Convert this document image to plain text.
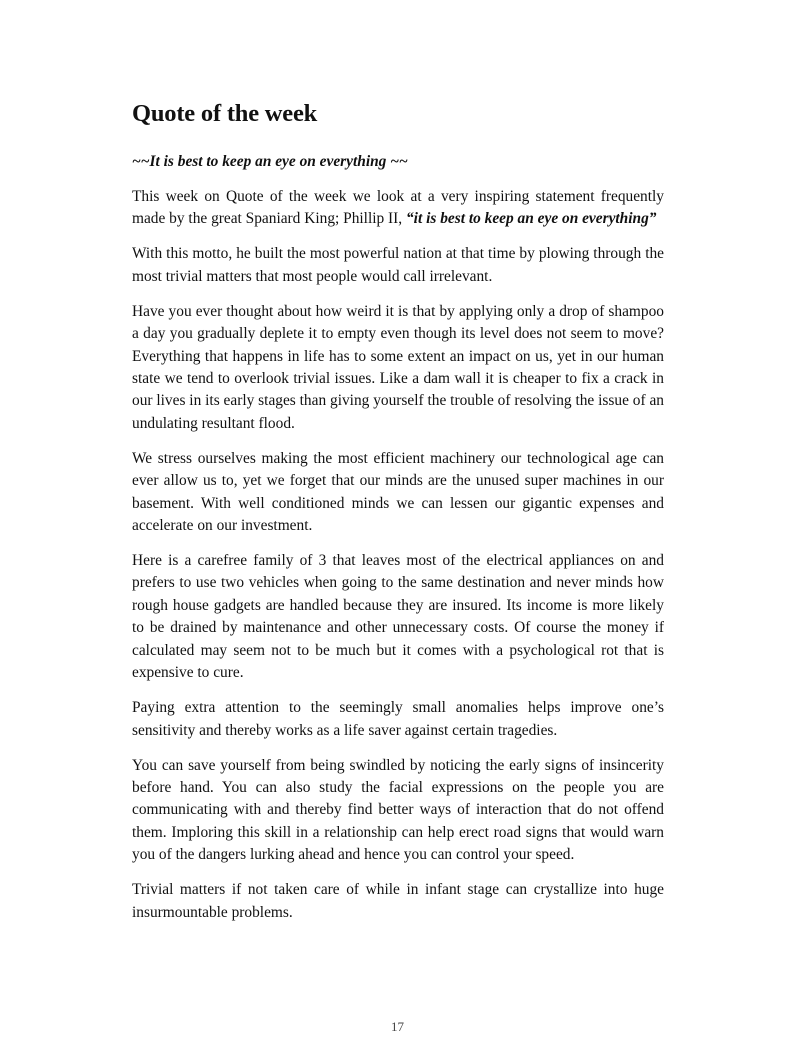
Quote of the week
~~It is best to keep an eye on everything ~~

This week on Quote of the week we look at a very inspiring statement frequently made by the great Spaniard King; Phillip II, “it is best to keep an eye on everything”

With this motto, he built the most powerful nation at that time by plowing through the most trivial matters that most people would call irrelevant.

Have you ever thought about how weird it is that by applying only a drop of shampoo a day you gradually deplete it to empty even though its level does not seem to move? Everything that happens in life has to some extent an impact on us, yet in our human state we tend to overlook trivial issues. Like a dam wall it is cheaper to fix a crack in our lives in its early stages than giving yourself the trouble of resolving the issue of an undulating resultant flood.

We stress ourselves making the most efficient machinery our technological age can ever allow us to, yet we forget that our minds are the unused super machines in our basement. With well conditioned minds we can lessen our gigantic expenses and accelerate on our investment.

Here is a carefree family of 3 that leaves most of the electrical appliances on and prefers to use two vehicles when going to the same destination and never minds how rough house gadgets are handled because they are insured. Its income is more likely to be drained by maintenance and other unnecessary costs. Of course the money if calculated may seem not to be much but it comes with a psychological rot that is expensive to cure.

Paying extra attention to the seemingly small anomalies helps improve one’s sensitivity and thereby works as a life saver against certain tragedies.

You can save yourself from being swindled by noticing the early signs of insincerity before hand. You can also study the facial expressions on the people you are communicating with and thereby find better ways of interaction that do not offend them. Imploring this skill in a relationship can help erect road signs that would warn you of the dangers lurking ahead and hence you can control your speed.

Trivial matters if not taken care of while in infant stage can crystallize into huge insurmountable problems.

17
